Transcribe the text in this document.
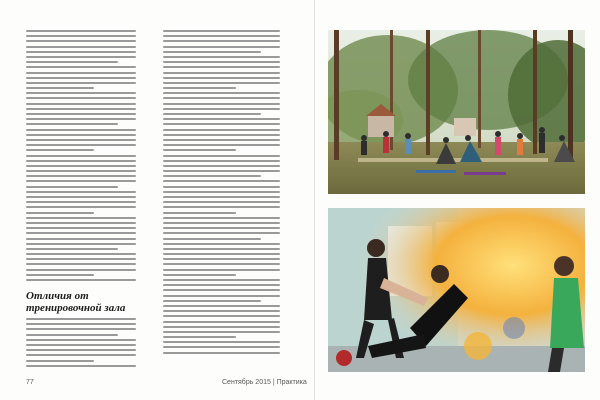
Отличия от тренировочной зала
77	Сентябрь 2015 | Практика
